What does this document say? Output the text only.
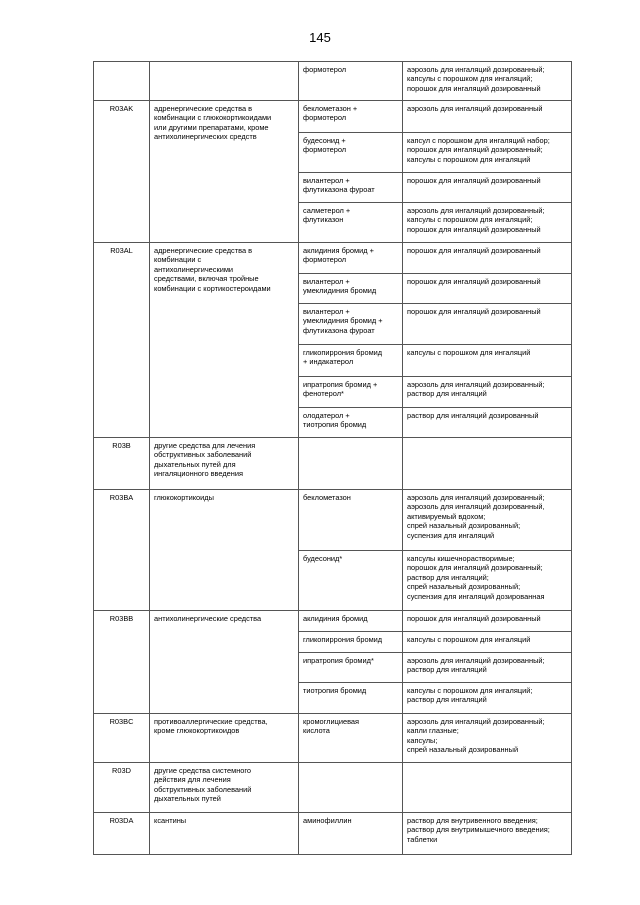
145

		формотерол	аэрозоль для ингаляций дозированный;
капсулы с порошком для ингаляций;
порошок для ингаляций дозированный

R03AK	адренергические средства в
комбинации с глюкокортикоидами
или другими препаратами, кроме
антихолинергических средств	беклометазон +
формотерол	аэрозоль для ингаляций дозированный

		будесонид +
формотерол	капсул с порошком для ингаляций набор;
порошок для ингаляций дозированный;
капсулы с порошком для ингаляций

		вилантерол +
флутиказона фуроат	порошок для ингаляций дозированный

		салметерол +
флутиказон	аэрозоль для ингаляций дозированный;
капсулы с порошком для ингаляций;
порошок для ингаляций дозированный

R03AL	адренергические средства в
комбинации с
антихолинергическими
средствами, включая тройные
комбинации с кортикостероидами	аклидиния бромид +
формотерол	порошок для ингаляций дозированный

		вилантерол +
умеклидиния бромид	порошок для ингаляций дозированный

		вилантерол +
умеклидиния бромид +
флутиказона фуроат	порошок для ингаляций дозированный

		гликопиррония бромид
+ индакатерол	капсулы с порошком для ингаляций

		ипратропия бромид +
фенотерол*	аэрозоль для ингаляций дозированный;
раствор для ингаляций

		олодатерол +
тиотропия бромид	раствор для ингаляций дозированный

R03B	другие средства для лечения
обструктивных заболеваний
дыхательных путей для
ингаляционного введения		

R03BA	глюкокортикоиды	беклометазон	аэрозоль для ингаляций дозированный;
аэрозоль для ингаляций дозированный,
активируемый вдохом;
спрей назальный дозированный;
суспензия для ингаляций

		будесонид*	капсулы кишечнорастворимые;
порошок для ингаляций дозированный;
раствор для ингаляций;
спрей назальный дозированный;
суспензия для ингаляций дозированная

R03BB	антихолинергические средства	аклидиния бромид	порошок для ингаляций дозированный

		гликопиррония бромид	капсулы с порошком для ингаляций

		ипратропия бромид*	аэрозоль для ингаляций дозированный;
раствор для ингаляций

		тиотропия бромид	капсулы с порошком для ингаляций;
раствор для ингаляций

R03BC	противоаллергические средства,
кроме глюкокортикоидов	кромоглициевая
кислота	аэрозоль для ингаляций дозированный;
капли глазные;
капсулы;
спрей назальный дозированный

R03D	другие средства системного
действия для лечения
обструктивных заболеваний
дыхательных путей		

R03DA	ксантины	аминофиллин	раствор для внутривенного введения;
раствор для внутримышечного введения;
таблетки
